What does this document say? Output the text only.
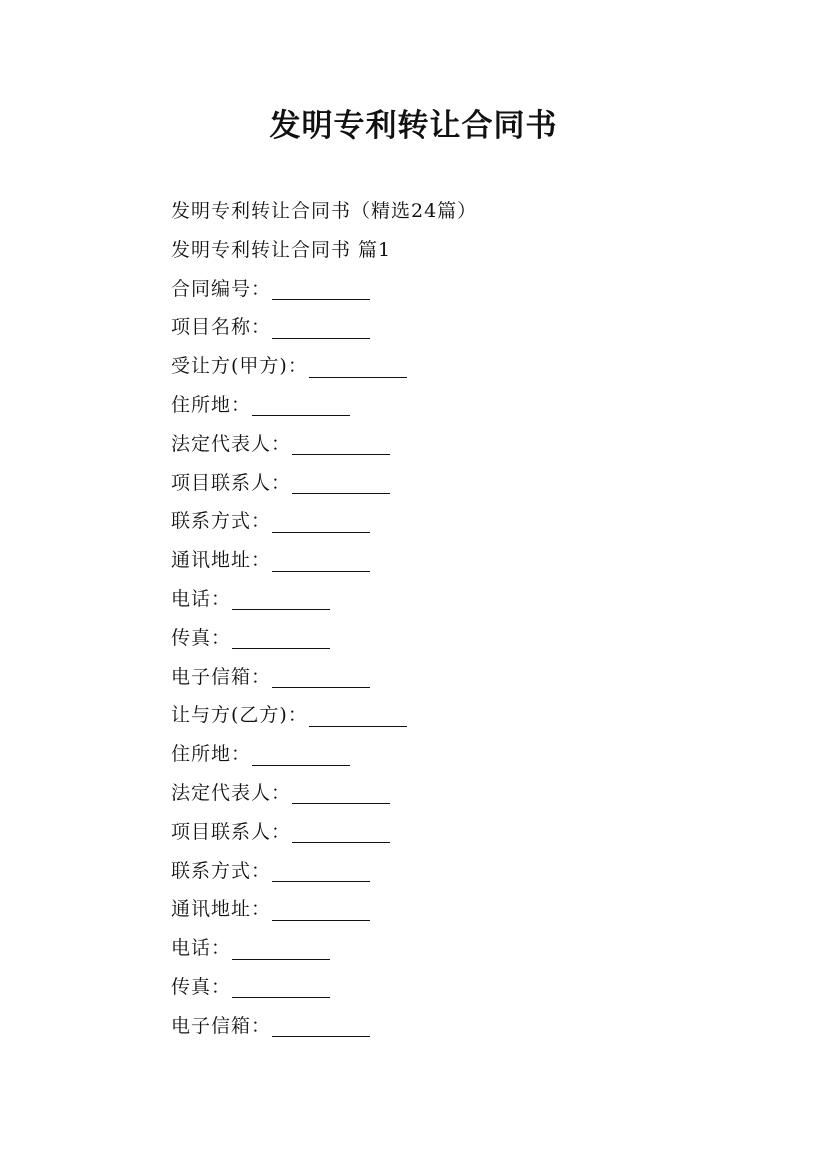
发明专利转让合同书
发明专利转让合同书（精选24篇）
发明专利转让合同书 篇1
合同编号：
项目名称：
受让方(甲方)：
住所地：
法定代表人：
项目联系人：
联系方式：
通讯地址：
电话：
传真：
电子信箱：
让与方(乙方)：
住所地：
法定代表人：
项目联系人：
联系方式：
通讯地址：
电话：
传真：
电子信箱：
